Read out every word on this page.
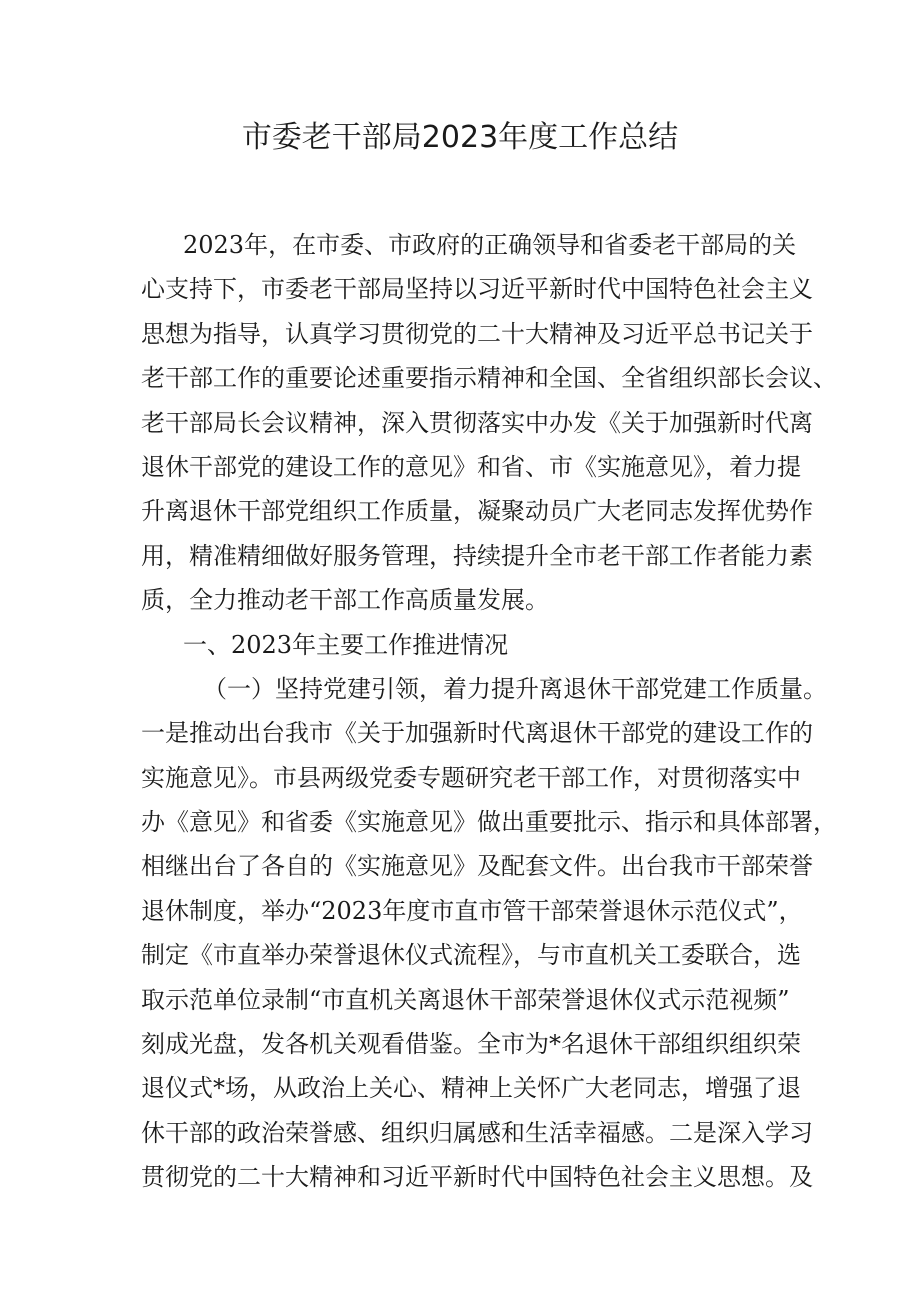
市委老干部局2023年度工作总结
2023年，在市委、市政府的正确领导和省委老干部局的关
心支持下，市委老干部局坚持以习近平新时代中国特色社会主义
思想为指导，认真学习贯彻党的二十大精神及习近平总书记关于
老干部工作的重要论述重要指示精神和全国、全省组织部长会议、
老干部局长会议精神，深入贯彻落实中办发《关于加强新时代离
退休干部党的建设工作的意见》和省、市《实施意见》，着力提
升离退休干部党组织工作质量，凝聚动员广大老同志发挥优势作
用，精准精细做好服务管理，持续提升全市老干部工作者能力素
质，全力推动老干部工作高质量发展。
一、2023年主要工作推进情况
（一）坚持党建引领，着力提升离退休干部党建工作质量。
一是推动出台我市《关于加强新时代离退休干部党的建设工作的
实施意见》。市县两级党委专题研究老干部工作，对贯彻落实中
办《意见》和省委《实施意见》做出重要批示、指示和具体部署，
相继出台了各自的《实施意见》及配套文件。出台我市干部荣誉
退休制度，举办“2023年度市直市管干部荣誉退休示范仪式”，
制定《市直举办荣誉退休仪式流程》，与市直机关工委联合，选
取示范单位录制“市直机关离退休干部荣誉退休仪式示范视频”
刻成光盘，发各机关观看借鉴。全市为*名退休干部组织组织荣
退仪式*场，从政治上关心、精神上关怀广大老同志，增强了退
休干部的政治荣誉感、组织归属感和生活幸福感。二是深入学习
贯彻党的二十大精神和习近平新时代中国特色社会主义思想。及
